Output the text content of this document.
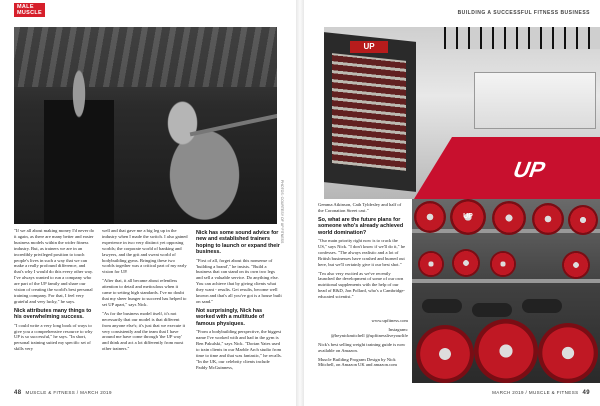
MALE
MUSCLE
PHOTOS: COURTESY OF UP FITNESS

"If we all about making money I'd never do it again, as there are many better and easier business models within the wider fitness industry. But, as trainers we are in an incredibly privileged position to touch people's lives in such a way that we can make a really profound difference, and that's why I would do this every other way. I've always wanted to run a company who are part of the UP family and share our vision of creating the world's best personal training company. For that, I feel very grateful and very lucky," he says.

Nick attributes many things to his overwhelming success.

"I could write a very long book of ways to give you a comprehensive resource to why UP is so successful," he says. "In short, personal training suited my specific set of skills very

well and that gave me a big leg up in the industry when I made the switch. I also gained experience in two very distinct yet opposing worlds; the corporate world of banking and lawyers, and the grit and sweat world of bodybuilding gyms. Bringing these two worlds together was a critical part of my early vision for UP.

"After that, it all became about relentless attention to detail and meticulous when it came to setting high standards. I've no doubt that my sheer hunger to succeed has helped to set UP apart," says Nick.

"As for the business model itself, it's not necessarily that our model is that different from anyone else's; it's just that we execute it very consistently and the team that I have around me have come through 'the UP way' and think and act a lot differently from most other trainers."

Nick has some sound advice for new and established trainers hoping to launch or expand their business.

"First of all, forget about this nonsense of 'building a brand'," he insists. "Build a business that can stand on its own two legs and sell a valuable service. Do anything else. You can achieve that by giving clients what they want - results. Get results, become well known and that's all you've got is a house built on sand."

Not surprisingly, Nick has worked with a multitude of famous physiques.

"From a bodybuilding perspective, the biggest name I've worked with and had in the gym is Ben Pakulski," says Nick. "Dorian Yates used to train clients in our Marble Arch studio from time to time and that was fantastic," he recalls. "In the UK, our celebrity clients include Paddy McGuinness,

48 MUSCLE & FITNESS / MARCH 2019
BUILDING A SUCCESSFUL FITNESS BUSINESS
UP
UP

Gemma Atkinson, Cath Tyldesley and half of the Coronation Street cast."

So, what are the future plans for someone who's already achieved world domination?

"Our main priority right now is to crack the US," says Nick. "I don't know if we'll do it," he confesses. "The always realistic and a lot of British businesses have crashed and burned out here, but we'll certainly give it our best shot."

"I'm also very excited as we've recently launched the development of some of our own nutritional supplements with the help of our head of R&D, Jon Pollard, who's a Cambridge-educated scientist."

UP

www.upfitness.com

Instagram:

@heynickmitchell @upfitnessliveyourlife

Nick's best selling weight training guide is now available on Amazon.

Muscle Building Program Design by Nick Mitchell, on Amazon UK and amazon.com

MARCH 2019 / MUSCLE & FITNESS 49
